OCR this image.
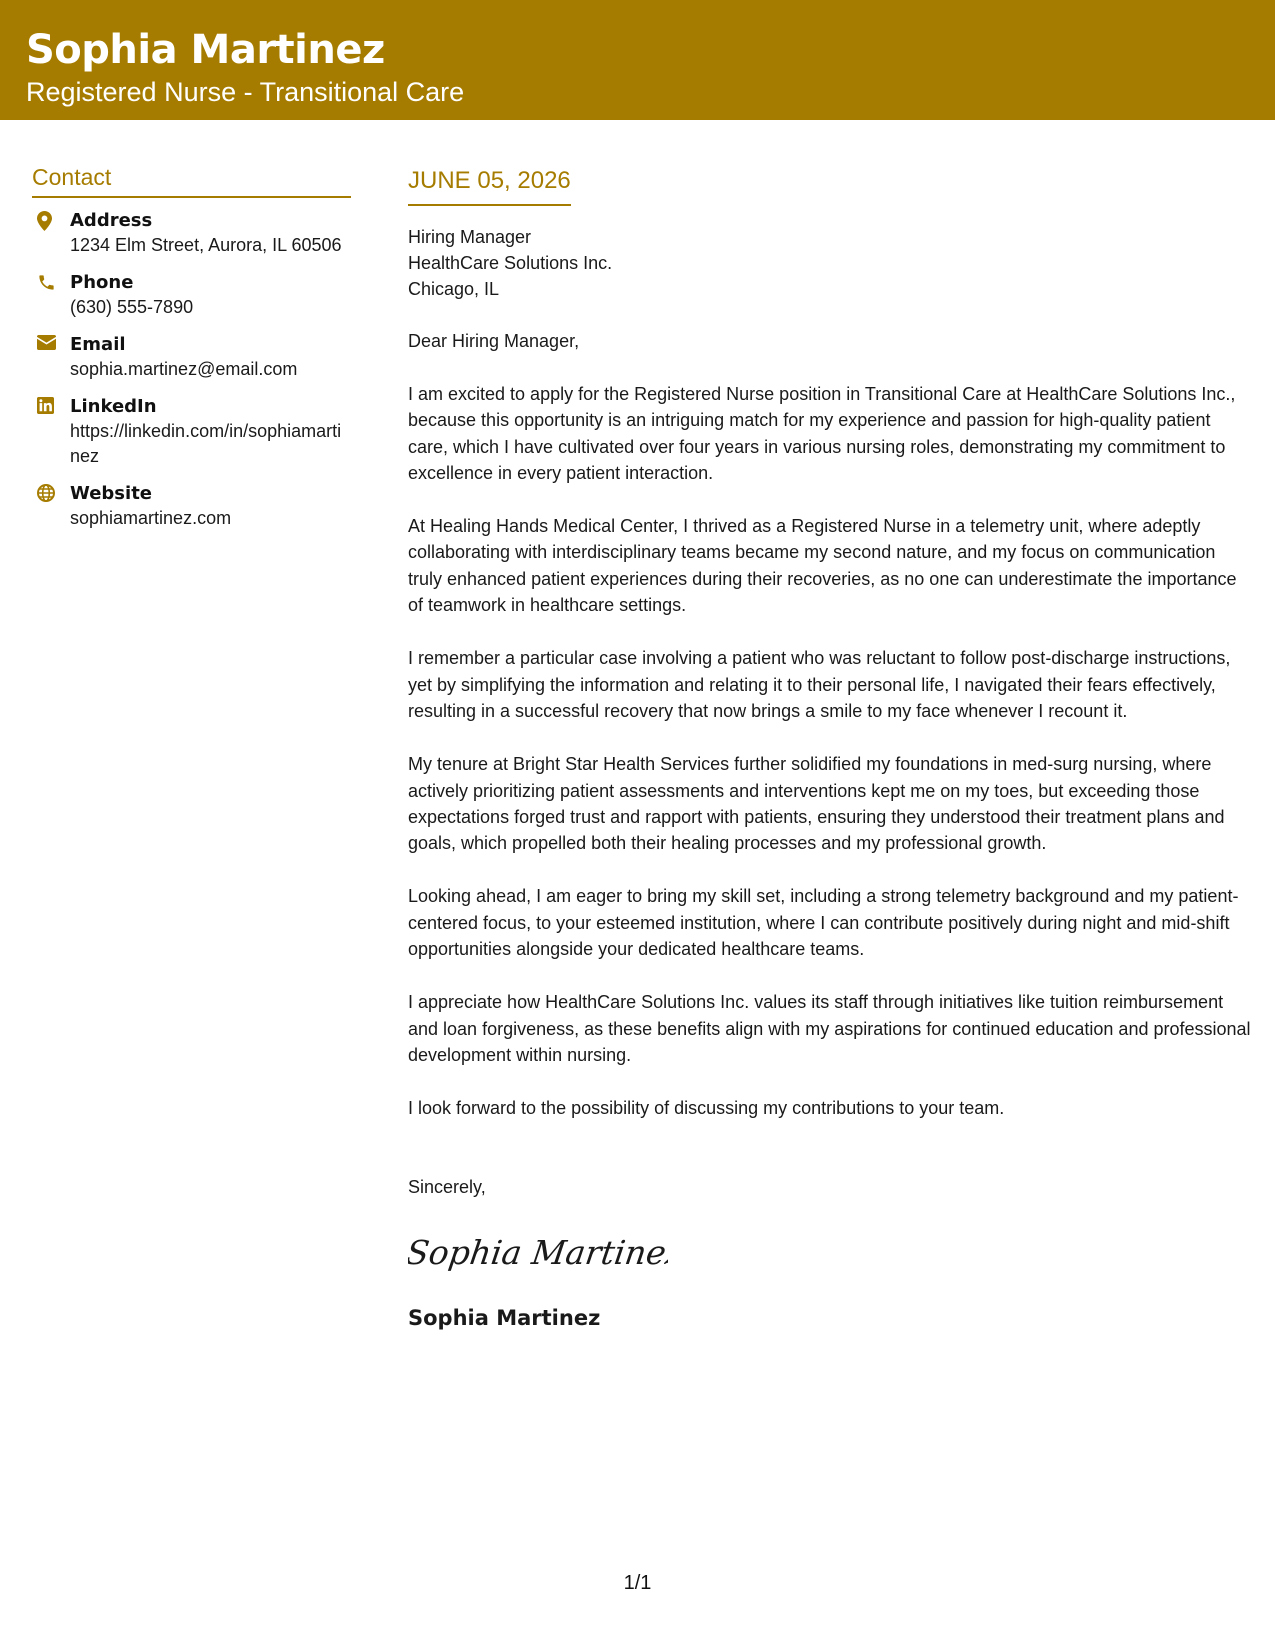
Sophia Martinez
Registered Nurse - Transitional Care
Contact
Address
1234 Elm Street, Aurora, IL 60506
Phone
(630) 555-7890
Email
sophia.martinez@email.com
LinkedIn
https://linkedin.com/in/sophiamartinez
Website
sophiamartinez.com
JUNE 05, 2026
Hiring Manager
HealthCare Solutions Inc.
Chicago, IL
Dear Hiring Manager,

I am excited to apply for the Registered Nurse position in Transitional Care at HealthCare Solutions Inc., because this opportunity is an intriguing match for my experience and passion for high-quality patient care, which I have cultivated over four years in various nursing roles, demonstrating my commitment to excellence in every patient interaction.

At Healing Hands Medical Center, I thrived as a Registered Nurse in a telemetry unit, where adeptly collaborating with interdisciplinary teams became my second nature, and my focus on communication truly enhanced patient experiences during their recoveries, as no one can underestimate the importance of teamwork in healthcare settings.

I remember a particular case involving a patient who was reluctant to follow post-discharge instructions, yet by simplifying the information and relating it to their personal life, I navigated their fears effectively, resulting in a successful recovery that now brings a smile to my face whenever I recount it.

My tenure at Bright Star Health Services further solidified my foundations in med-surg nursing, where actively prioritizing patient assessments and interventions kept me on my toes, but exceeding those expectations forged trust and rapport with patients, ensuring they understood their treatment plans and goals, which propelled both their healing processes and my professional growth.

Looking ahead, I am eager to bring my skill set, including a strong telemetry background and my patient-centered focus, to your esteemed institution, where I can contribute positively during night and mid-shift opportunities alongside your dedicated healthcare teams.

I appreciate how HealthCare Solutions Inc. values its staff through initiatives like tuition reimbursement and loan forgiveness, as these benefits align with my aspirations for continued education and professional development within nursing.

I look forward to the possibility of discussing my contributions to your team.

Sincerely,
Sophia Martinez
Sophia Martinez
1/1
